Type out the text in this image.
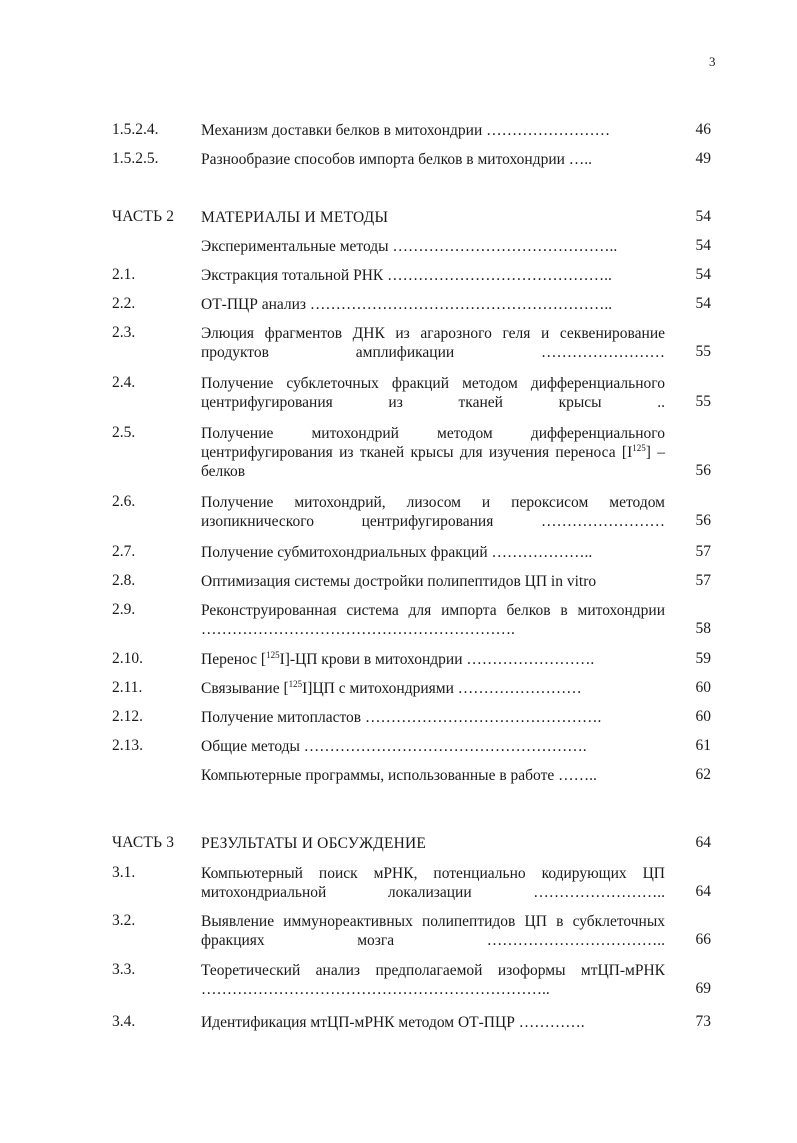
3
1.5.2.4.	Механизм доставки белков в митохондрии ……………………	46
1.5.2.5.	Разнообразие способов импорта белков в митохондрии …..	49
ЧАСТЬ 2 МАТЕРИАЛЫ И МЕТОДЫ	54
Экспериментальные методы ……………………………………..	54
2.1.	Экстракция тотальной РНК ……………………………………..	54
2.2.	ОТ-ПЦР анализ …………………………………………………..	54
2.3.	Элюция фрагментов ДНК из агарозного геля и секвенирование продуктов амплификации ……………………	55
2.4.	Получение субклеточных фракций методом дифференциального центрифугирования из тканей крысы ..	55
2.5.	Получение митохондрий методом дифференциального центрифугирования из тканей крысы для изучения переноса $[I^{125}]$ –белков	56
2.6.	Получение митохондрий, лизосом и пероксисом методом изопикнического центрифугирования ……………………	56
2.7.	Получение субмитохондриальных фракций ………………..	57
2.8.	Оптимизация системы достройки полипептидов ЦП in vitro	57
2.9.	Реконструированная система для импорта белков в митохондрии …………………………………………………….	58
2.10.	Перенос [$^{125}$I]-ЦП крови в митохондрии …………………….	59
2.11.	Связывание [$^{125}$I]ЦП с митохондриями ……………………	60
2.12.	Получение митопластов ……………………………………….	60
2.13.	Общие методы ……………………………………………….	61
Компьютерные программы, использованные в работе ……..	62
ЧАСТЬ 3 РЕЗУЛЬТАТЫ И ОБСУЖДЕНИЕ	64
3.1.	Компьютерный поиск мРНК, потенциально кодирующих ЦП митохондриальной локализации ……………………..	64
3.2.	Выявление иммунореактивных полипептидов ЦП в субклеточных фракциях мозга ……………………………..	66
3.3.	Теоретический анализ предполагаемой изоформы мтЦП-мРНК …………………………………………………………..	69
3.4.	Идентификация мтЦП-мРНК методом ОТ-ПЦР ………….	73
